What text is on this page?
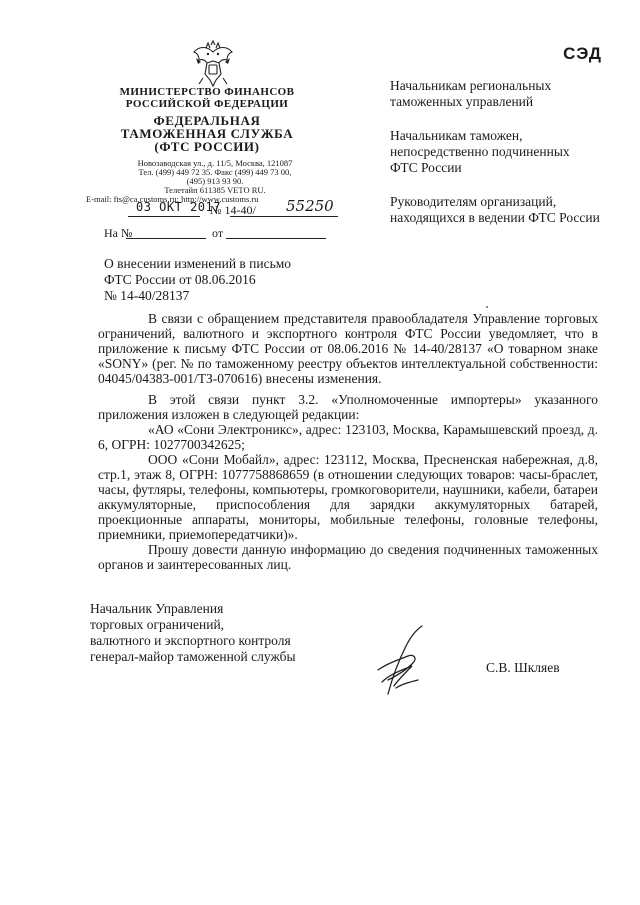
СЭД
МИНИСТЕРСТВО ФИНАНСОВ
РОССИЙСКОЙ ФЕДЕРАЦИИ
ФЕДЕРАЛЬНАЯ
ТАМОЖЕННАЯ СЛУЖБА
(ФТС РОССИИ)
Новозаводская ул., д. 11/5, Москва, 121087
Тел. (499) 449 72 35. Факс (499) 449 73 00,
(495) 913 93 90.
Телетайп 611385 VETO RU.
E-mail: fts@ca.customs.ru; http://www.customs.ru
03 ОКТ 2017
№ 14-40/ 55250
На №	от
Начальникам региональных таможенных управлений
Начальникам таможен, непосредственно подчиненных ФТС России
Руководителям организаций, находящихся в ведении ФТС России
О внесении изменений в письмо
ФТС России от 08.06.2016
№ 14-40/28137

В связи с обращением представителя правообладателя Управление торговых ограничений, валютного и экспортного контроля ФТС России уведомляет, что в приложение к письму ФТС России от 08.06.2016 № 14-40/28137 «О товарном знаке «SONY» (рег. № по таможенному реестру объектов интеллектуальной собственности: 04045/04383-001/ТЗ-070616) внесены изменения.

В этой связи пункт 3.2. «Уполномоченные импортеры» указанного приложения изложен в следующей редакции:

«АО «Сони Электроникс», адрес: 123103, Москва, Карамышевский проезд, д. 6, ОГРН: 1027700342625;

ООО «Сони Мобайл», адрес: 123112, Москва, Пресненская набережная, д.8, стр.1, этаж 8, ОГРН: 1077758868659 (в отношении следующих товаров: часы-браслет, часы, футляры, телефоны, компьютеры, громкоговорители, наушники, кабели, батареи аккумуляторные, приспособления для зарядки аккумуляторных батарей, проекционные аппараты, мониторы, мобильные телефоны, головные телефоны, приемники, приемопередатчики)».

Прошу довести данную информацию до сведения подчиненных таможенных органов и заинтересованных лиц.

Начальник Управления
торговых ограничений,
валютного и экспортного контроля
генерал-майор таможенной службы
С.В. Шкляев
